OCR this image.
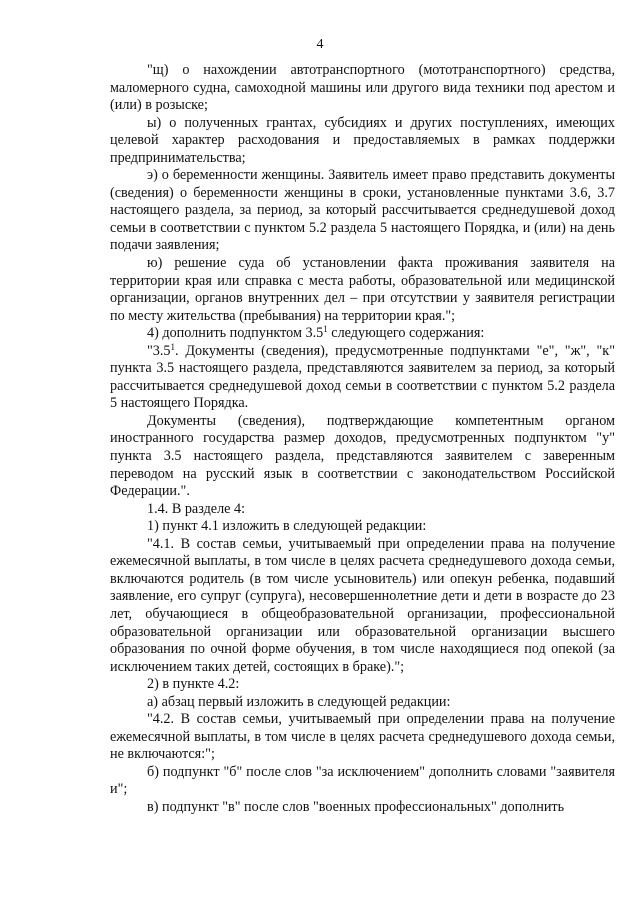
4

"щ) о нахождении автотранспортного (мототранспортного) средства, маломерного судна, самоходной машины или другого вида техники под арестом и (или) в розыске;

ы) о полученных грантах, субсидиях и других поступлениях, имеющих целевой характер расходования и предоставляемых в рамках поддержки предпринимательства;

э) о беременности женщины. Заявитель имеет право представить документы (сведения) о беременности женщины в сроки, установленные пунктами 3.6, 3.7 настоящего раздела, за период, за который рассчитывается среднедушевой доход семьи в соответствии с пунктом 5.2 раздела 5 настоящего Порядка, и (или) на день подачи заявления;

ю) решение суда об установлении факта проживания заявителя на территории края или справка с места работы, образовательной или медицинской организации, органов внутренних дел – при отсутствии у заявителя регистрации по месту жительства (пребывания) на территории края.";

4) дополнить подпунктом $3.5^1$ следующего содержания:

"$3.5^1$. Документы (сведения), предусмотренные подпунктами "е", "ж", "к" пункта 3.5 настоящего раздела, представляются заявителем за период, за который рассчитывается среднедушевой доход семьи в соответствии с пунктом 5.2 раздела 5 настоящего Порядка.

Документы (сведения), подтверждающие компетентным органом иностранного государства размер доходов, предусмотренных подпунктом "у" пункта 3.5 настоящего раздела, представляются заявителем с заверенным переводом на русский язык в соответствии с законодательством Российской Федерации.".

1.4. В разделе 4:

1) пункт 4.1 изложить в следующей редакции:

"4.1. В состав семьи, учитываемый при определении права на получение ежемесячной выплаты, в том числе в целях расчета среднедушевого дохода семьи, включаются родитель (в том числе усыновитель) или опекун ребенка, подавший заявление, его супруг (супруга), несовершеннолетние дети и дети в возрасте до 23 лет, обучающиеся в общеобразовательной организации, профессиональной образовательной организации или образовательной организации высшего образования по очной форме обучения, в том числе находящиеся под опекой (за исключением таких детей, состоящих в браке).";

2) в пункте 4.2:

а) абзац первый изложить в следующей редакции:

"4.2. В состав семьи, учитываемый при определении права на получение ежемесячной выплаты, в том числе в целях расчета среднедушевого дохода семьи, не включаются:";

б) подпункт "б" после слов "за исключением" дополнить словами "заявителя и";

в) подпункт "в" после слов "военных профессиональных" дополнить
